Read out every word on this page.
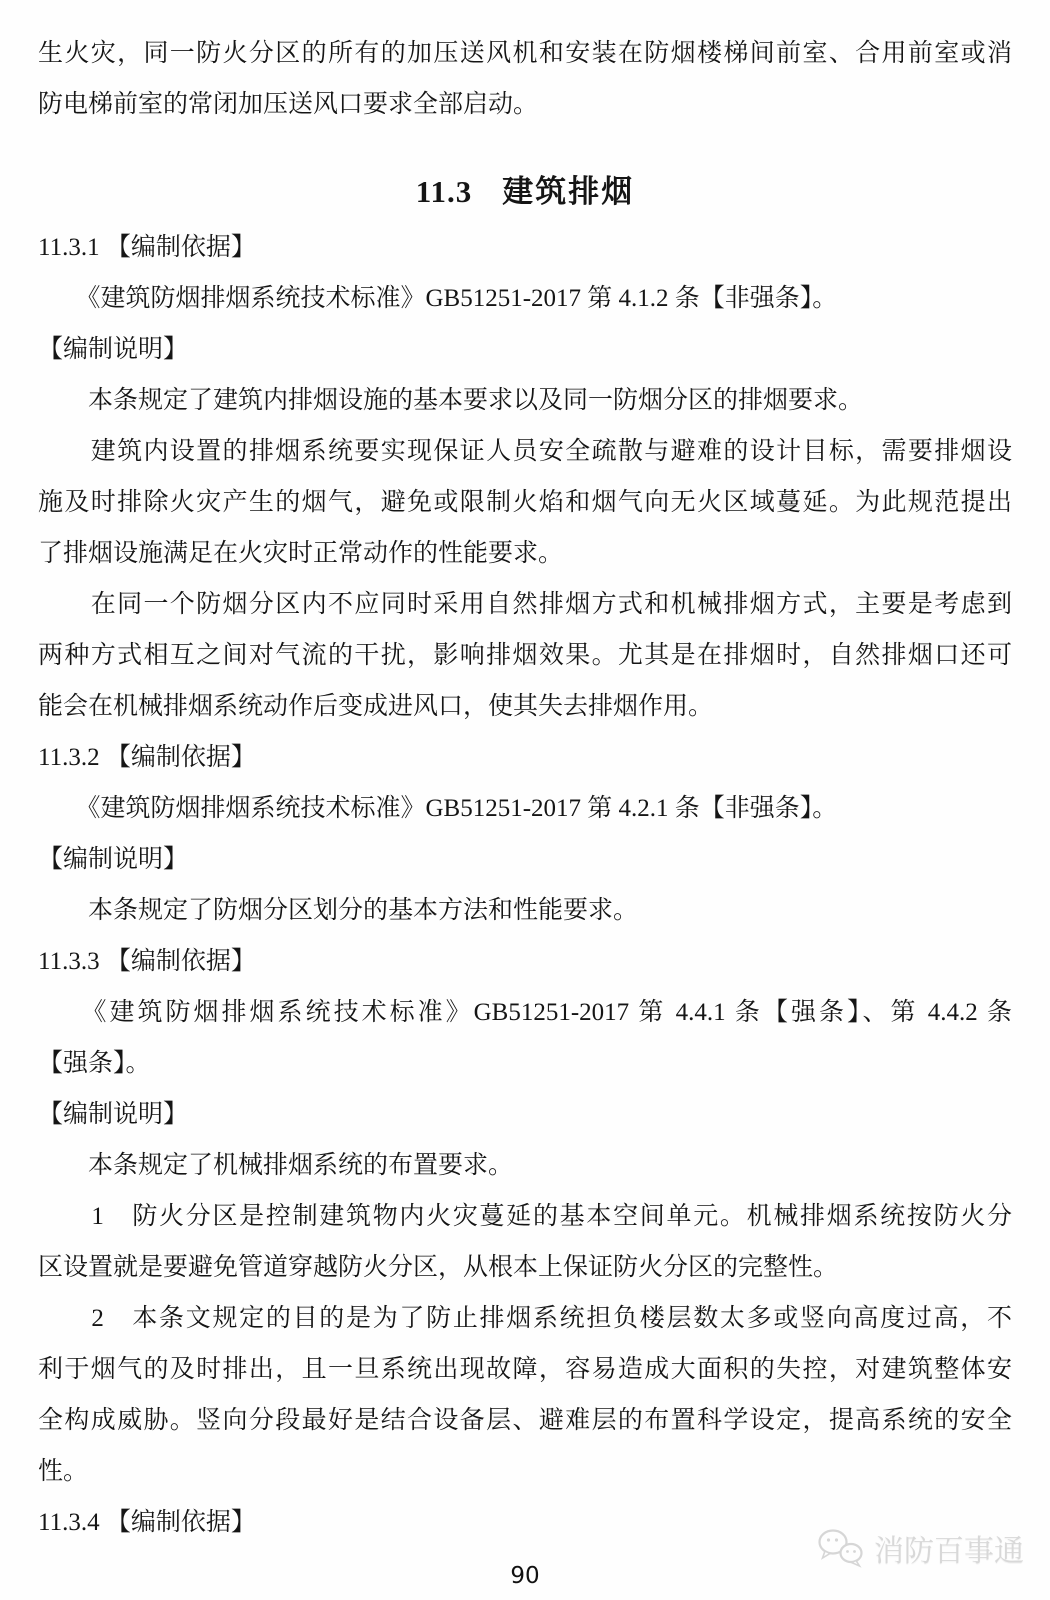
生火灾，同一防火分区的所有的加压送风机和安装在防烟楼梯间前室、合用前室或消
防电梯前室的常闭加压送风口要求全部启动。
11.3 建筑排烟
11.3.1 【编制依据】
　　《建筑防烟排烟系统技术标准》GB51251-2017 第 4.1.2 条【非强条】。
【编制说明】
　　本条规定了建筑内排烟设施的基本要求以及同一防烟分区的排烟要求。
　　建筑内设置的排烟系统要实现保证人员安全疏散与避难的设计目标，需要排烟设
施及时排除火灾产生的烟气，避免或限制火焰和烟气向无火区域蔓延。为此规范提出
了排烟设施满足在火灾时正常动作的性能要求。
　　在同一个防烟分区内不应同时采用自然排烟方式和机械排烟方式，主要是考虑到
两种方式相互之间对气流的干扰，影响排烟效果。尤其是在排烟时，自然排烟口还可
能会在机械排烟系统动作后变成进风口，使其失去排烟作用。
11.3.2 【编制依据】
　　《建筑防烟排烟系统技术标准》GB51251-2017 第 4.2.1 条【非强条】。
【编制说明】
　　本条规定了防烟分区划分的基本方法和性能要求。
11.3.3 【编制依据】
　　《建筑防烟排烟系统技术标准》GB51251-2017 第 4.4.1 条【强条】、第 4.4.2 条
【强条】。
【编制说明】
　　本条规定了机械排烟系统的布置要求。
　　1　防火分区是控制建筑物内火灾蔓延的基本空间单元。机械排烟系统按防火分
区设置就是要避免管道穿越防火分区，从根本上保证防火分区的完整性。
　　2　本条文规定的目的是为了防止排烟系统担负楼层数太多或竖向高度过高，不
利于烟气的及时排出，且一旦系统出现故障，容易造成大面积的失控，对建筑整体安
全构成威胁。竖向分段最好是结合设备层、避难层的布置科学设定，提高系统的安全
性。
11.3.4 【编制依据】
消防百事通
90
